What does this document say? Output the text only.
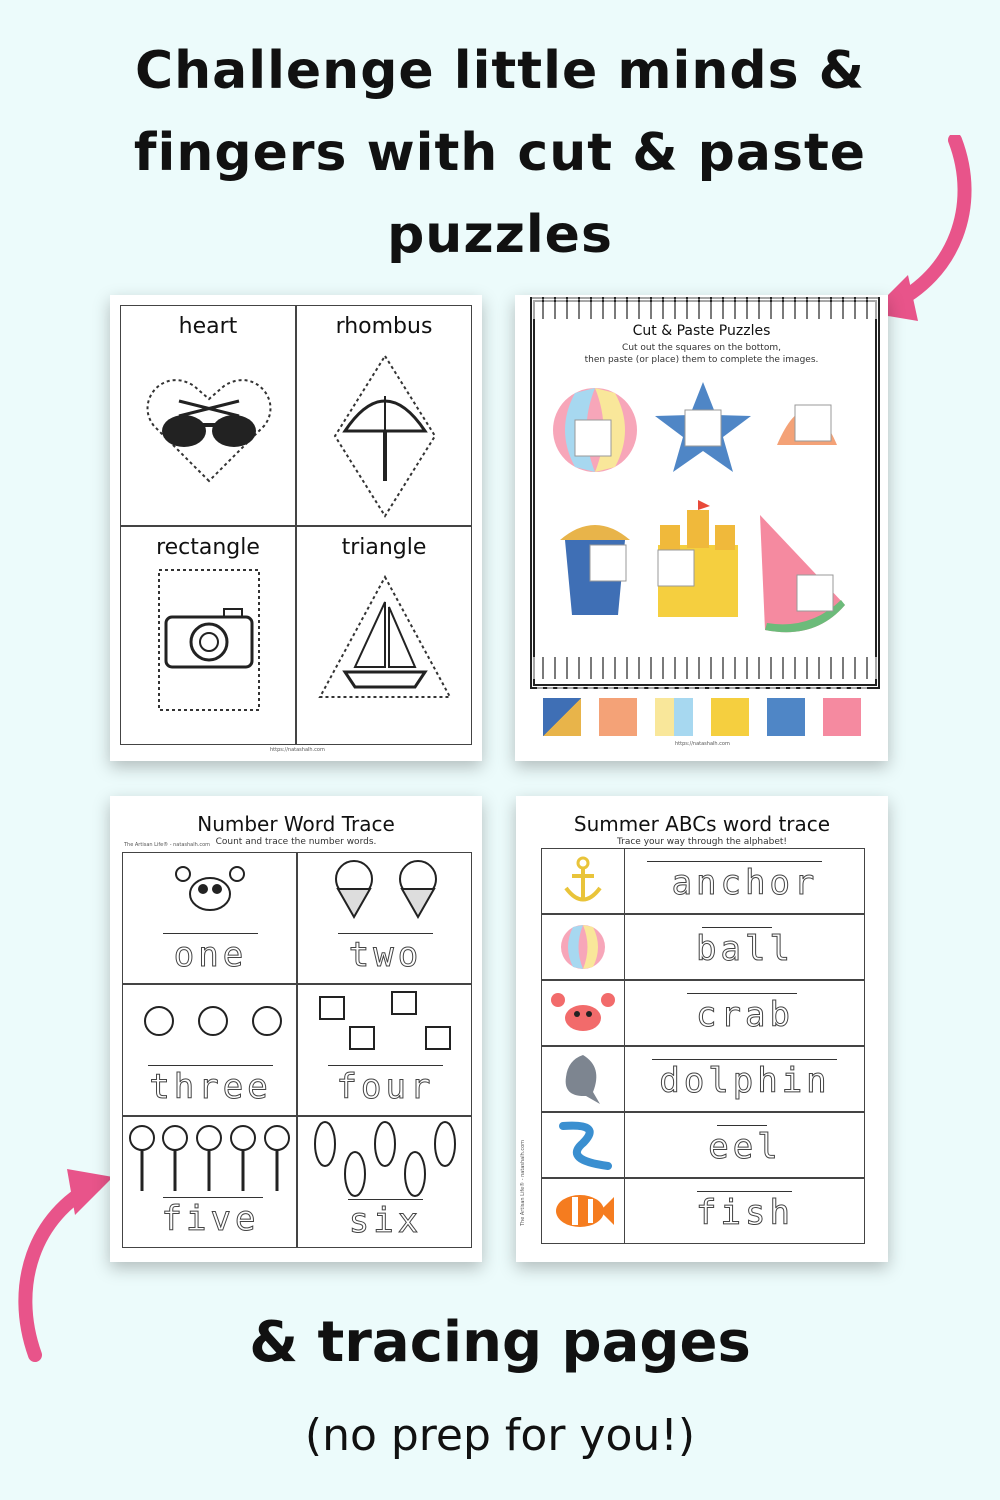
Challenge little minds &
fingers with cut & paste
puzzles
heart	rhombus
rectangle	triangle
https://natashalh.com
Cut & Paste Puzzles
Cut out the squares on the bottom,
then paste (or place) them to complete the images.
https://natashalh.com
Number Word Trace
Count and trace the number words.
The Artisan Life® - natashalh.com
one	two
three	four
five	six
Summer ABCs word trace
Trace your way through the alphabet!
The Artisan Life® - natashalh.com
anchor
ball
crab
dolphin
eel
fish
& tracing pages
(no prep for you!)
